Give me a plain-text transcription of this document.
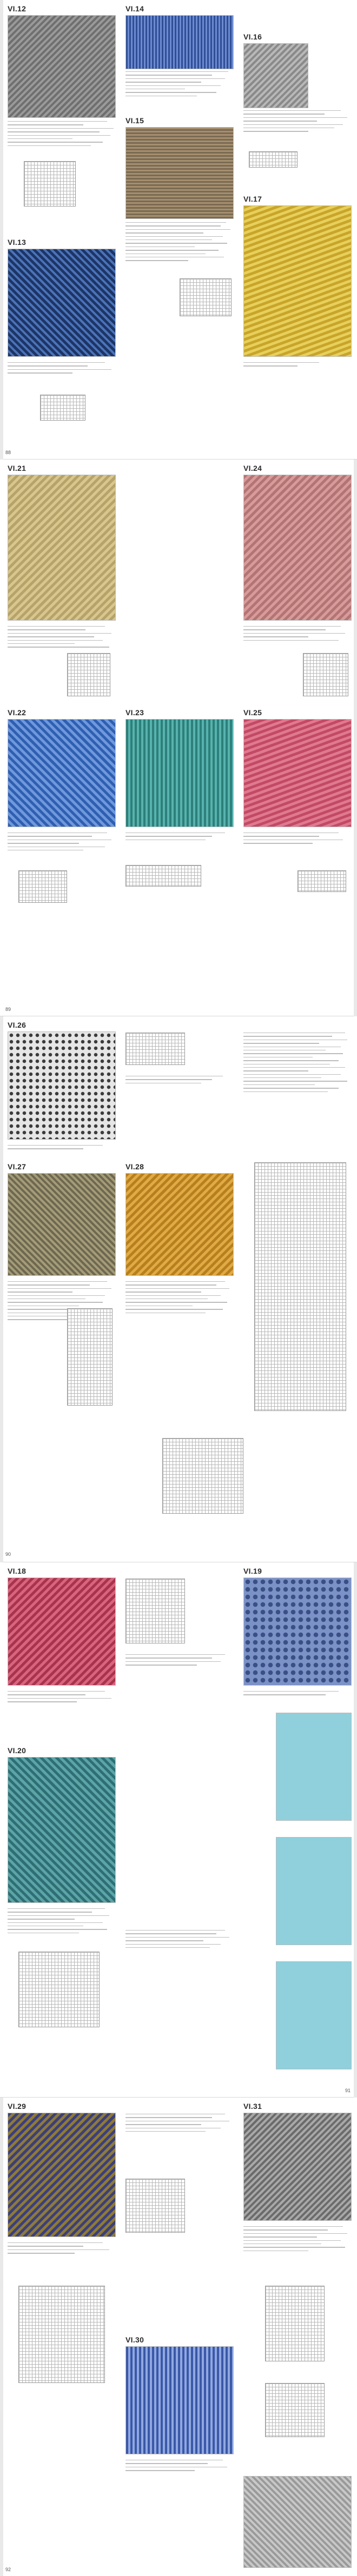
VI.12
VI.13
VI.14
VI.15
VI.16
VI.17
88
VI.21
VI.22	VI.23
VI.24
VI.25
89
VI.26
VI.27	VI.28
90
VI.18	VI.19
VI.20
91
VI.29
VI.30
VI.31
92
